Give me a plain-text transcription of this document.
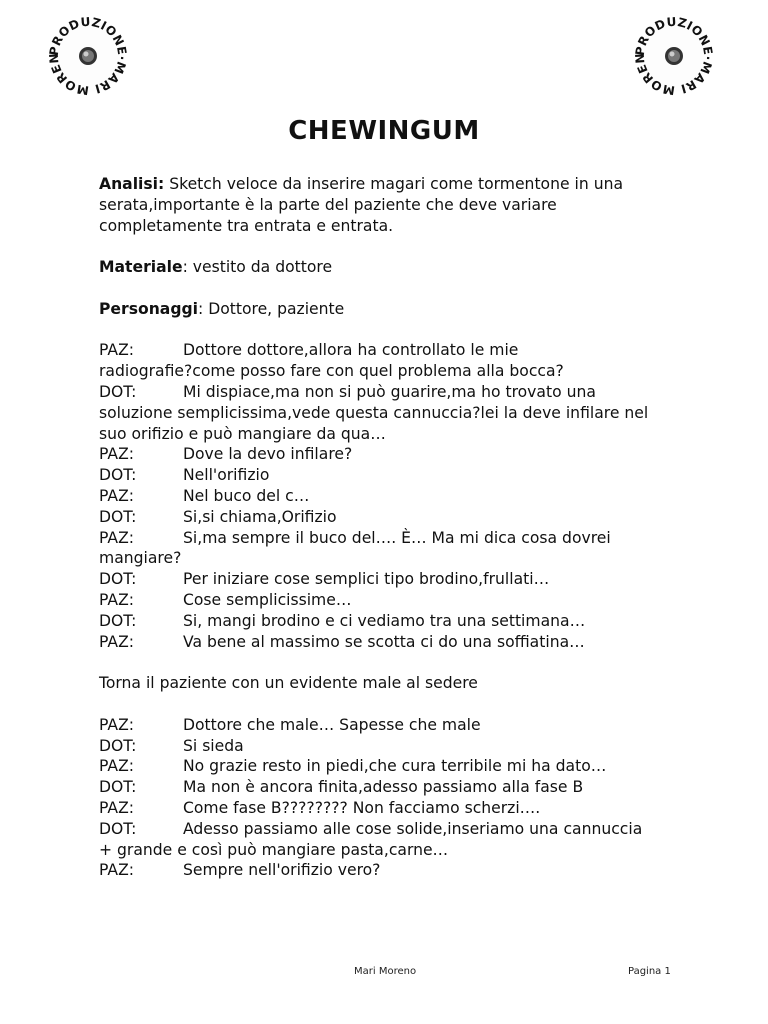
PRODUZIONE·MARI MOREN
PRODUZIONE·MARI MOREN
CHEWINGUM

Analisi: Sketch veloce da inserire magari come tormentone in una serata,importante è la parte del paziente che deve variare completamente tra entrata e entrata.

Materiale: vestito da dottore

Personaggi: Dottore, paziente

PAZ:	Dottore dottore,allora ha controllato le mie

radiografie?come posso fare con quel problema alla bocca?

DOT:	Mi dispiace,ma non si può guarire,ma ho trovato una

soluzione semplicissima,vede questa cannuccia?lei la deve infilare nel

suo orifizio e può mangiare da qua…

PAZ:	Dove la devo infilare?

DOT:	Nell'orifizio

PAZ:	Nel buco del c…

DOT:	Si,si chiama,Orifizio

PAZ:	Si,ma sempre il buco del…. È… Ma mi dica cosa dovrei

mangiare?

DOT:	Per iniziare cose semplici tipo brodino,frullati…

PAZ:	Cose semplicissime…

DOT:	Si, mangi brodino e ci vediamo tra una settimana…

PAZ:	Va bene al massimo se scotta ci do una soffiatina…

Torna il paziente con un evidente male al sedere

PAZ:	Dottore che male… Sapesse che male

DOT:	Si sieda

PAZ:	No grazie resto in piedi,che cura terribile mi ha dato…

DOT:	Ma non è ancora finita,adesso passiamo alla fase B

PAZ:	Come fase B???????? Non facciamo scherzi….

DOT:	Adesso passiamo alle cose solide,inseriamo una cannuccia

+ grande e così può mangiare pasta,carne…

PAZ:	Sempre nell'orifizio vero?

Mari Moreno	Pagina 1
